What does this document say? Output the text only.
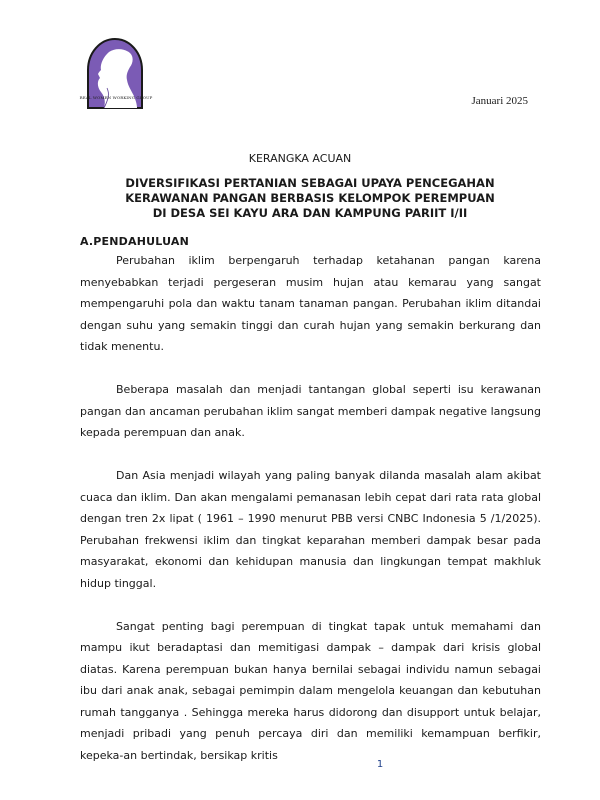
REAL WOMEN WORKING GROUP	Januari 2025
KERANGKA ACUAN
DIVERSIFIKASI PERTANIAN SEBAGAI UPAYA PENCEGAHAN
KERAWANAN PANGAN BERBASIS KELOMPOK PEREMPUAN
DI DESA SEI KAYU ARA DAN KAMPUNG PARIIT I/II
A.PENDAHULUAN

Perubahan iklim berpengaruh terhadap ketahanan pangan karena menyebabkan terjadi pergeseran musim hujan atau kemarau yang sangat mempengaruhi pola dan waktu tanam tanaman pangan. Perubahan iklim ditandai dengan suhu yang semakin tinggi dan curah hujan yang semakin berkurang dan tidak menentu.

Beberapa masalah dan menjadi tantangan global seperti isu kerawanan pangan dan ancaman perubahan iklim sangat memberi dampak negative langsung kepada perempuan dan anak.

Dan Asia menjadi wilayah yang paling banyak dilanda masalah alam akibat cuaca dan iklim. Dan akan mengalami pemanasan lebih cepat dari rata rata global dengan tren 2x lipat ( 1961 – 1990 menurut PBB versi CNBC Indonesia 5 /1/2025). Perubahan frekwensi iklim dan tingkat keparahan memberi dampak besar pada masyarakat, ekonomi dan kehidupan manusia dan lingkungan tempat makhluk hidup tinggal.

Sangat penting bagi perempuan di tingkat tapak untuk memahami dan mampu ikut beradaptasi dan memitigasi dampak – dampak dari krisis global diatas. Karena perempuan bukan hanya bernilai sebagai individu namun sebagai ibu dari anak anak, sebagai pemimpin dalam mengelola keuangan dan kebutuhan rumah tangganya . Sehingga mereka harus didorong dan disupport untuk belajar, menjadi pribadi yang penuh percaya diri dan memiliki kemampuan berfikir, kepeka-an bertindak, bersikap kritis

1
